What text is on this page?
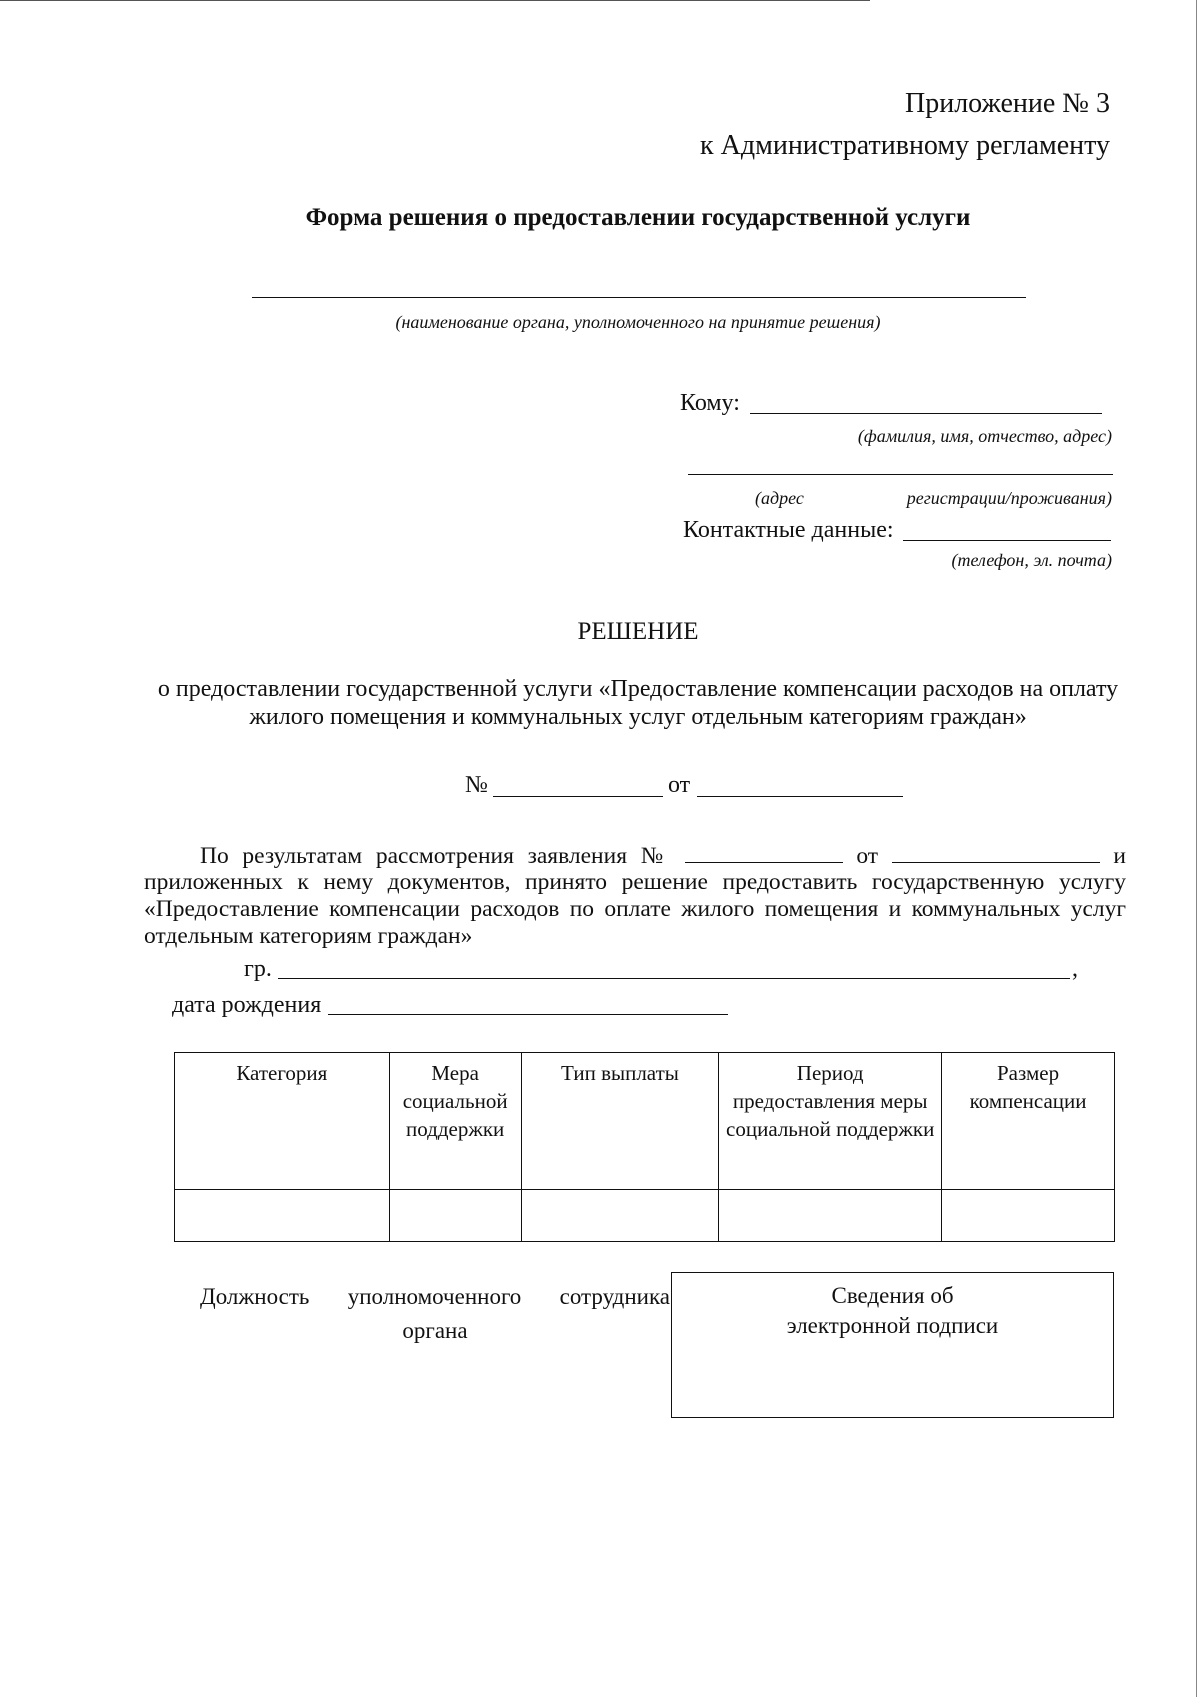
Приложение № 3
к Административному регламенту
Форма решения о предоставлении государственной услуги
(наименование органа, уполномоченного на принятие решения)
Кому:
(фамилия, имя, отчество, адрес)
(адрес	регистрации/проживания)
Контактные данные:
(телефон, эл. почта)
РЕШЕНИЕ
о предоставлении государственной услуги «Предоставление компенсации расходов на оплату
жилого помещения и коммунальных услуг отдельным категориям граждан»
№	от
По результатам рассмотрения заявления №	от	и
приложенных к нему документов, принято решение предоставить государственную услугу
«Предоставление компенсации расходов по оплате жилого помещения и коммунальных услуг
отдельным категориям граждан»
гр.	,
дата рождения
Категория	Мера социальной поддержки	Тип выплаты	Период предоставления меры социальной поддержки	Размер компенсации

Должность уполномоченного сотрудника
органа
Сведения об
электронной подписи
